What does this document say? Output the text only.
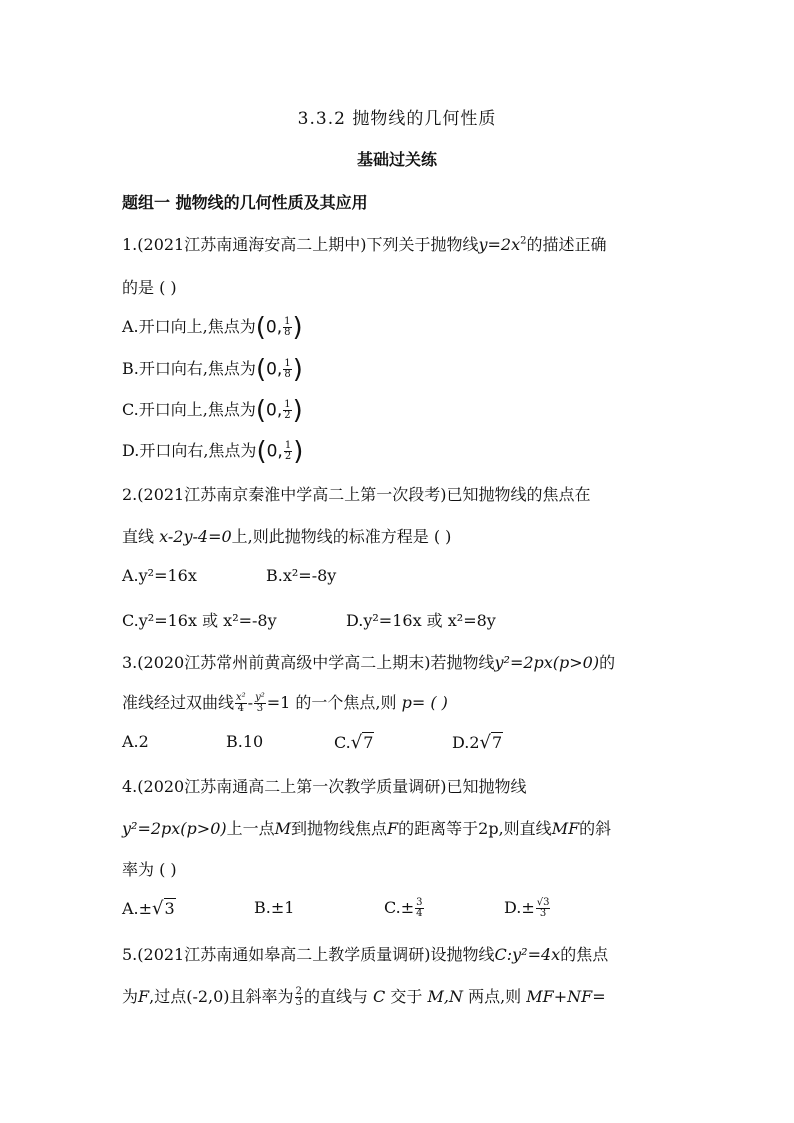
3.3.2 抛物线的几何性质
基础过关练
题组一 抛物线的几何性质及其应用
1.(2021江苏南通海安高二上期中)下列关于抛物线$y=2x^2$的描述正确
的是 ( )
A.开口向上,焦点为(0, $\frac{1}{8}$ )
B.开口向右,焦点为(0, $\frac{1}{8}$ )
C.开口向上,焦点为(0, $\frac{1}{2}$ )
D.开口向右,焦点为(0, $\frac{1}{2}$ )
2.(2021江苏南京秦淮中学高二上第一次段考)已知抛物线的焦点在
直线 x-2y-4=0上,则此抛物线的标准方程是 ( )
A.y²=16x	B.x²=-8y
C.y²=16x 或 x²=-8y	D.y²=16x 或 x²=8y
3.(2020江苏常州前黄高级中学高二上期末)若抛物线y²=2px(p>0)的
准线经过双曲线 $\frac{\text{x²}}{4} - \frac{\text{y²}}{3} =1$ 的一个焦点,则 p= ( )
A.2	B.10	C.√7	D.2√7
4.(2020江苏南通高二上第一次教学质量调研)已知抛物线
y²=2px(p>0)上一点M到抛物线焦点F的距离等于2p,则直线MF的斜
率为 ( )
A.±√3	B.±1	$C.\pm \frac{3}{4}$	$D.\pm \frac{√3}{3}$
5.(2021江苏南通如皋高二上教学质量调研)设抛物线C:y²=4x的焦点
为F,过点(-2,0)且斜率为 $\frac{2}{3}$ 的直线与 C 交于 M,N 两点,则 MF+NF=
